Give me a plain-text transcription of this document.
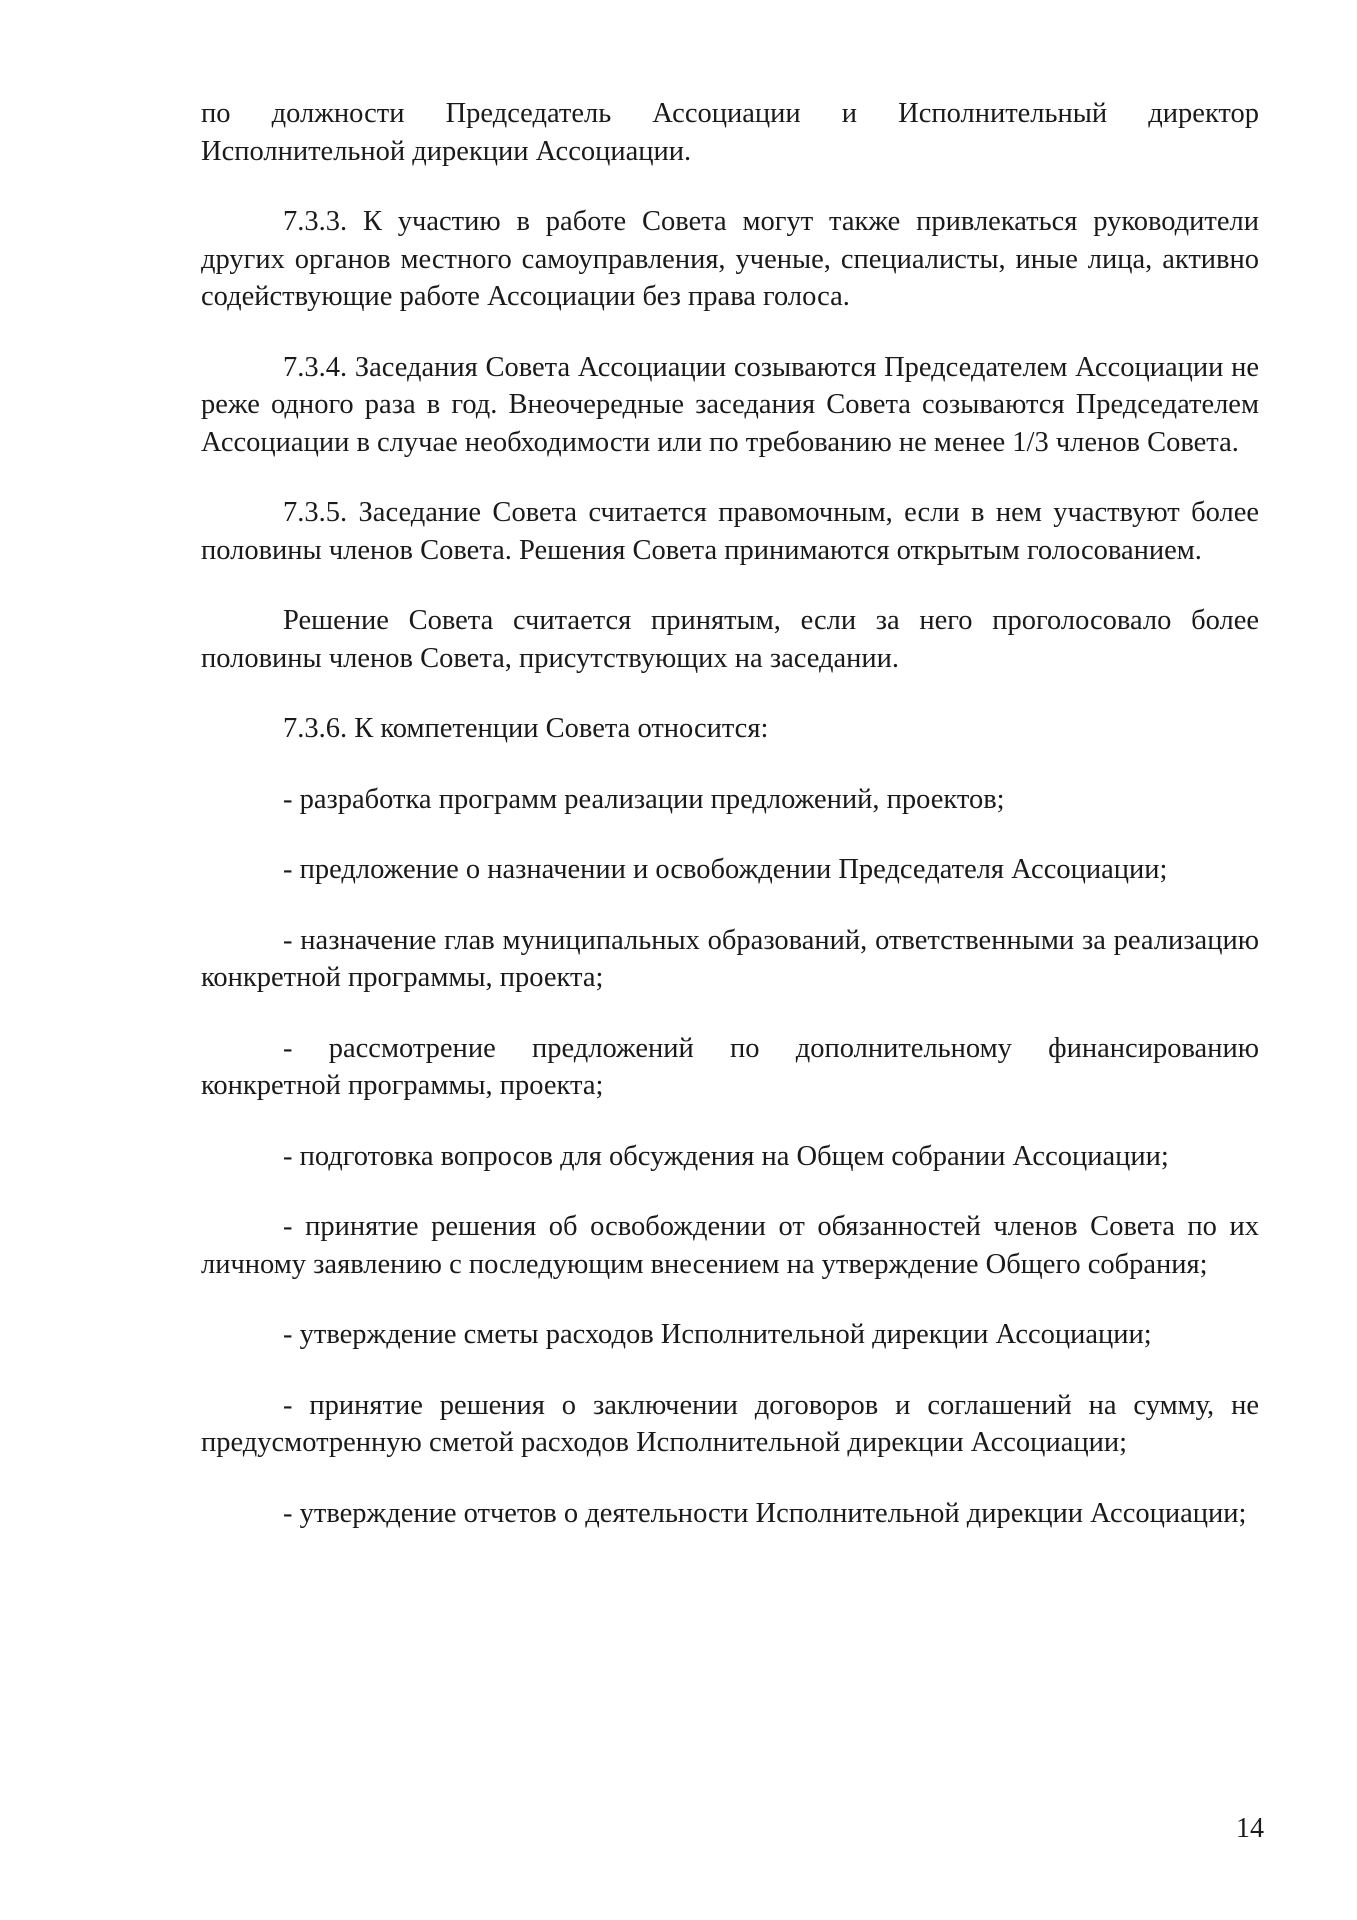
по должности Председатель Ассоциации и Исполнительный директор Исполнительной дирекции Ассоциации.

7.3.3. К участию в работе Совета могут также привлекаться руководители других органов местного самоуправления, ученые, специалисты, иные лица, активно содействующие работе Ассоциации без права голоса.

7.3.4. Заседания Совета Ассоциации созываются Председателем Ассоциации не реже одного раза в год. Внеочередные заседания Совета созываются Председателем Ассоциации в случае необходимости или по требованию не менее 1/3 членов Совета.

7.3.5. Заседание Совета считается правомочным, если в нем участвуют более половины членов Совета. Решения Совета принимаются открытым голосованием.

Решение Совета считается принятым, если за него проголосовало более половины членов Совета, присутствующих на заседании.

7.3.6. К компетенции Совета относится:

- разработка программ реализации предложений, проектов;

- предложение о назначении и освобождении Председателя Ассоциации;

- назначение глав муниципальных образований, ответственными за реализацию конкретной программы, проекта;

- рассмотрение предложений по дополнительному финансированию конкретной программы, проекта;

- подготовка вопросов для обсуждения на Общем собрании Ассоциации;

- принятие решения об освобождении от обязанностей членов Совета по их личному заявлению с последующим внесением на утверждение Общего собрания;

- утверждение сметы расходов Исполнительной дирекции Ассоциации;

- принятие решения о заключении договоров и соглашений на сумму, не предусмотренную сметой расходов Исполнительной дирекции Ассоциации;

- утверждение отчетов о деятельности Исполнительной дирекции Ассоциации;

14
